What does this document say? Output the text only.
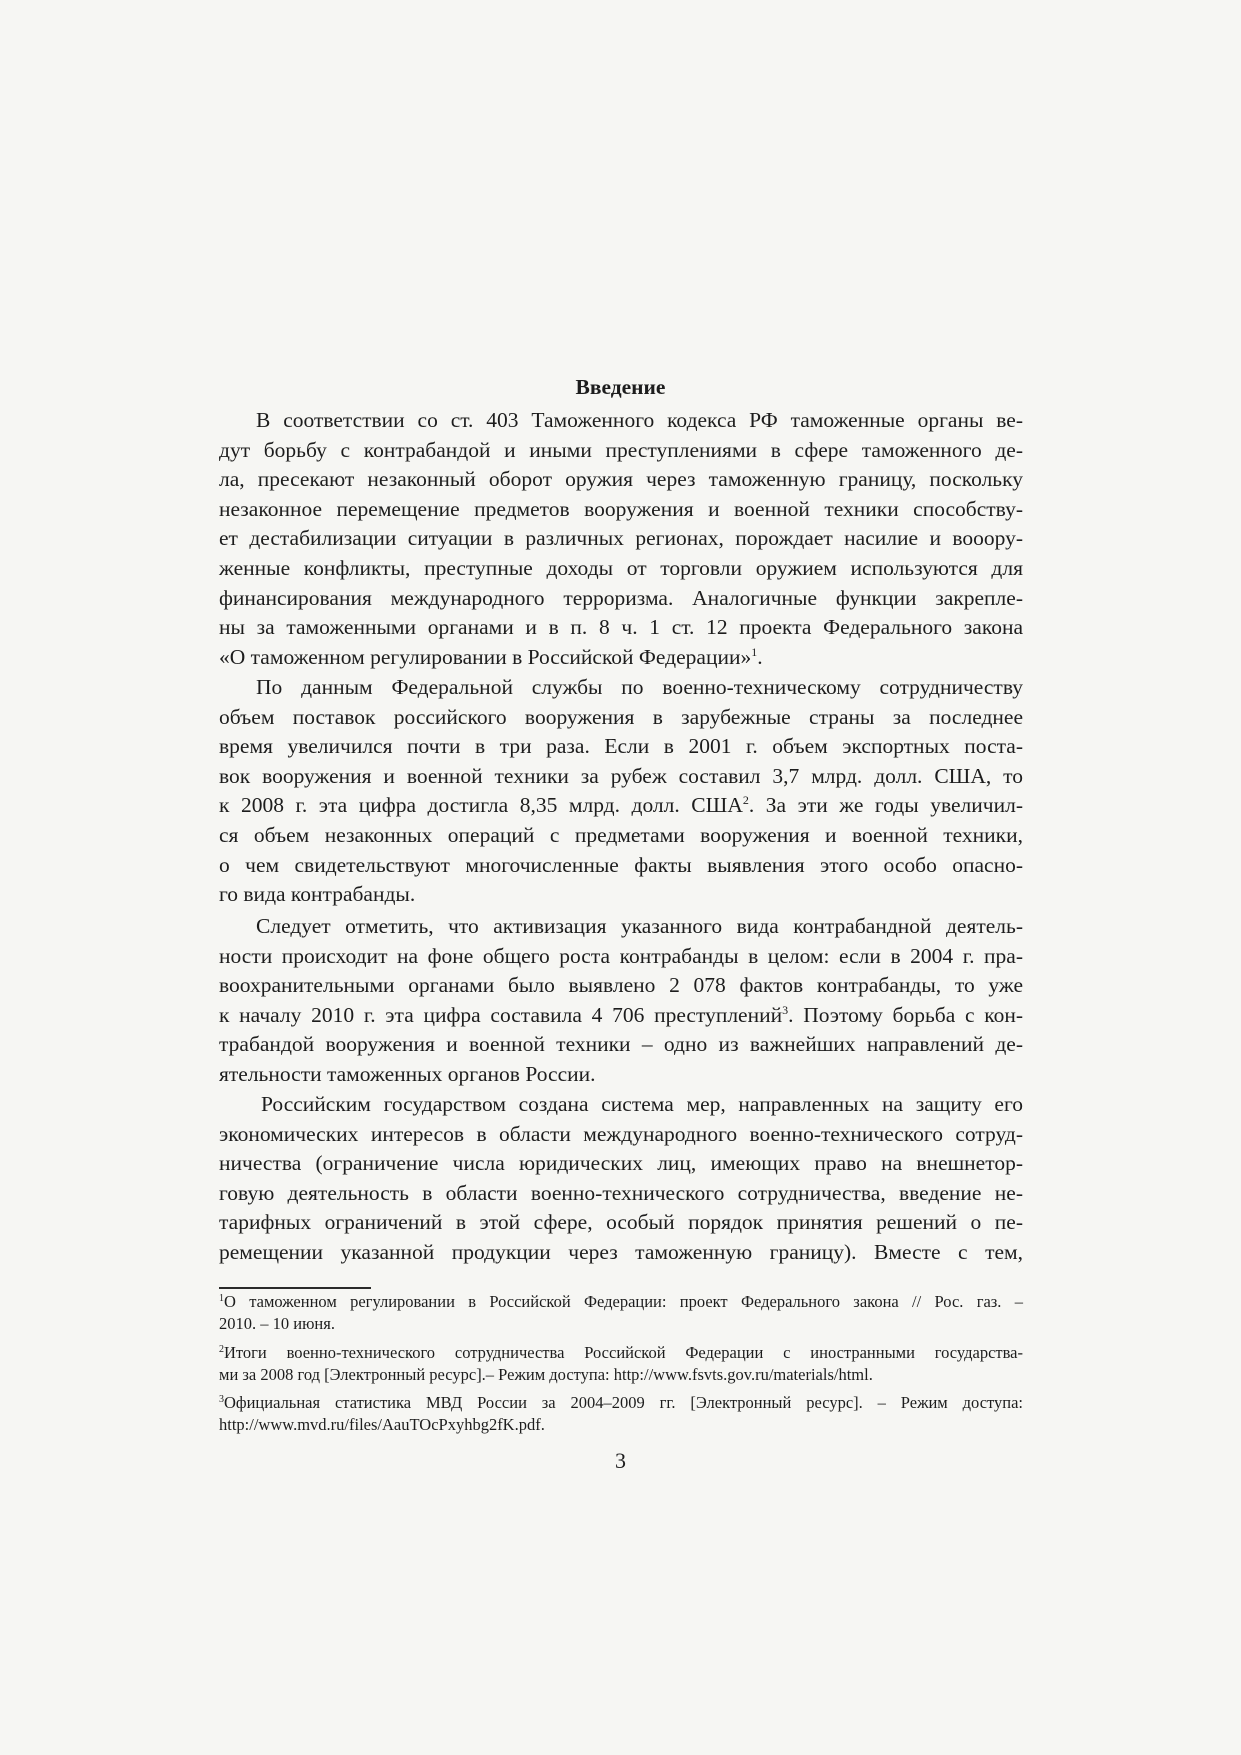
Введение
В соответствии со ст. 403 Таможенного кодекса РФ таможенные органы ве-
дут борьбу с контрабандой и иными преступлениями в сфере таможенного де-
ла, пресекают незаконный оборот оружия через таможенную границу, поскольку
незаконное перемещение предметов вооружения и военной техники способству-
ет дестабилизации ситуации в различных регионах, порождает насилие и вооору-
женные конфликты, преступные доходы от торговли оружием используются для
финансирования международного терроризма. Аналогичные функции закрепле-
ны за таможенными органами и в п. 8 ч. 1 ст. 12 проекта Федерального закона
«О таможенном регулировании в Российской Федерации»$^1$.
По данным Федеральной службы по военно-техническому сотрудничеству
объем поставок российского вооружения в зарубежные страны за последнее
время увеличился почти в три раза. Если в 2001 г. объем экспортных поста-
вок вооружения и военной техники за рубеж составил 3,7 млрд. долл. США, то
к 2008 г. эта цифра достигла 8,35 млрд. долл. США$^2$. За эти же годы увеличил-
ся объем незаконных операций с предметами вооружения и военной техники,
о чем свидетельствуют многочисленные факты выявления этого особо опасно-
го вида контрабанды.
Следует отметить, что активизация указанного вида контрабандной деятель-
ности происходит на фоне общего роста контрабанды в целом: если в 2004 г. пра-
воохранительными органами было выявлено 2 078 фактов контрабанды, то уже
к началу 2010 г. эта цифра составила 4 706 преступлений$^3$. Поэтому борьба с кон-
трабандой вооружения и военной техники – одно из важнейших направлений де-
ятельности таможенных органов России.
Российским государством создана система мер, направленных на защиту его
экономических интересов в области международного военно-технического сотруд-
ничества (ограничение числа юридических лиц, имеющих право на внешнетор-
говую деятельность в области военно-технического сотрудничества, введение не-
тарифных ограничений в этой сфере, особый порядок принятия решений о пе-
ремещении указанной продукции через таможенную границу). Вместе с тем,
$^1$О таможенном регулировании в Российской Федерации: проект Федерального закона // Рос. газ. –
2010. – 10 июня.
$^2$Итоги военно-технического сотрудничества Российской Федерации с иностранными государства-
ми за 2008 год [Электронный ресурс].– Режим доступа: http://www.fsvts.gov.ru/materials/html.
$^3$Официальная статистика МВД России за 2004–2009 гг. [Электронный ресурс]. – Режим доступа:
http://www.mvd.ru/files/AauTOcPxyhbg2fK.pdf.
3
